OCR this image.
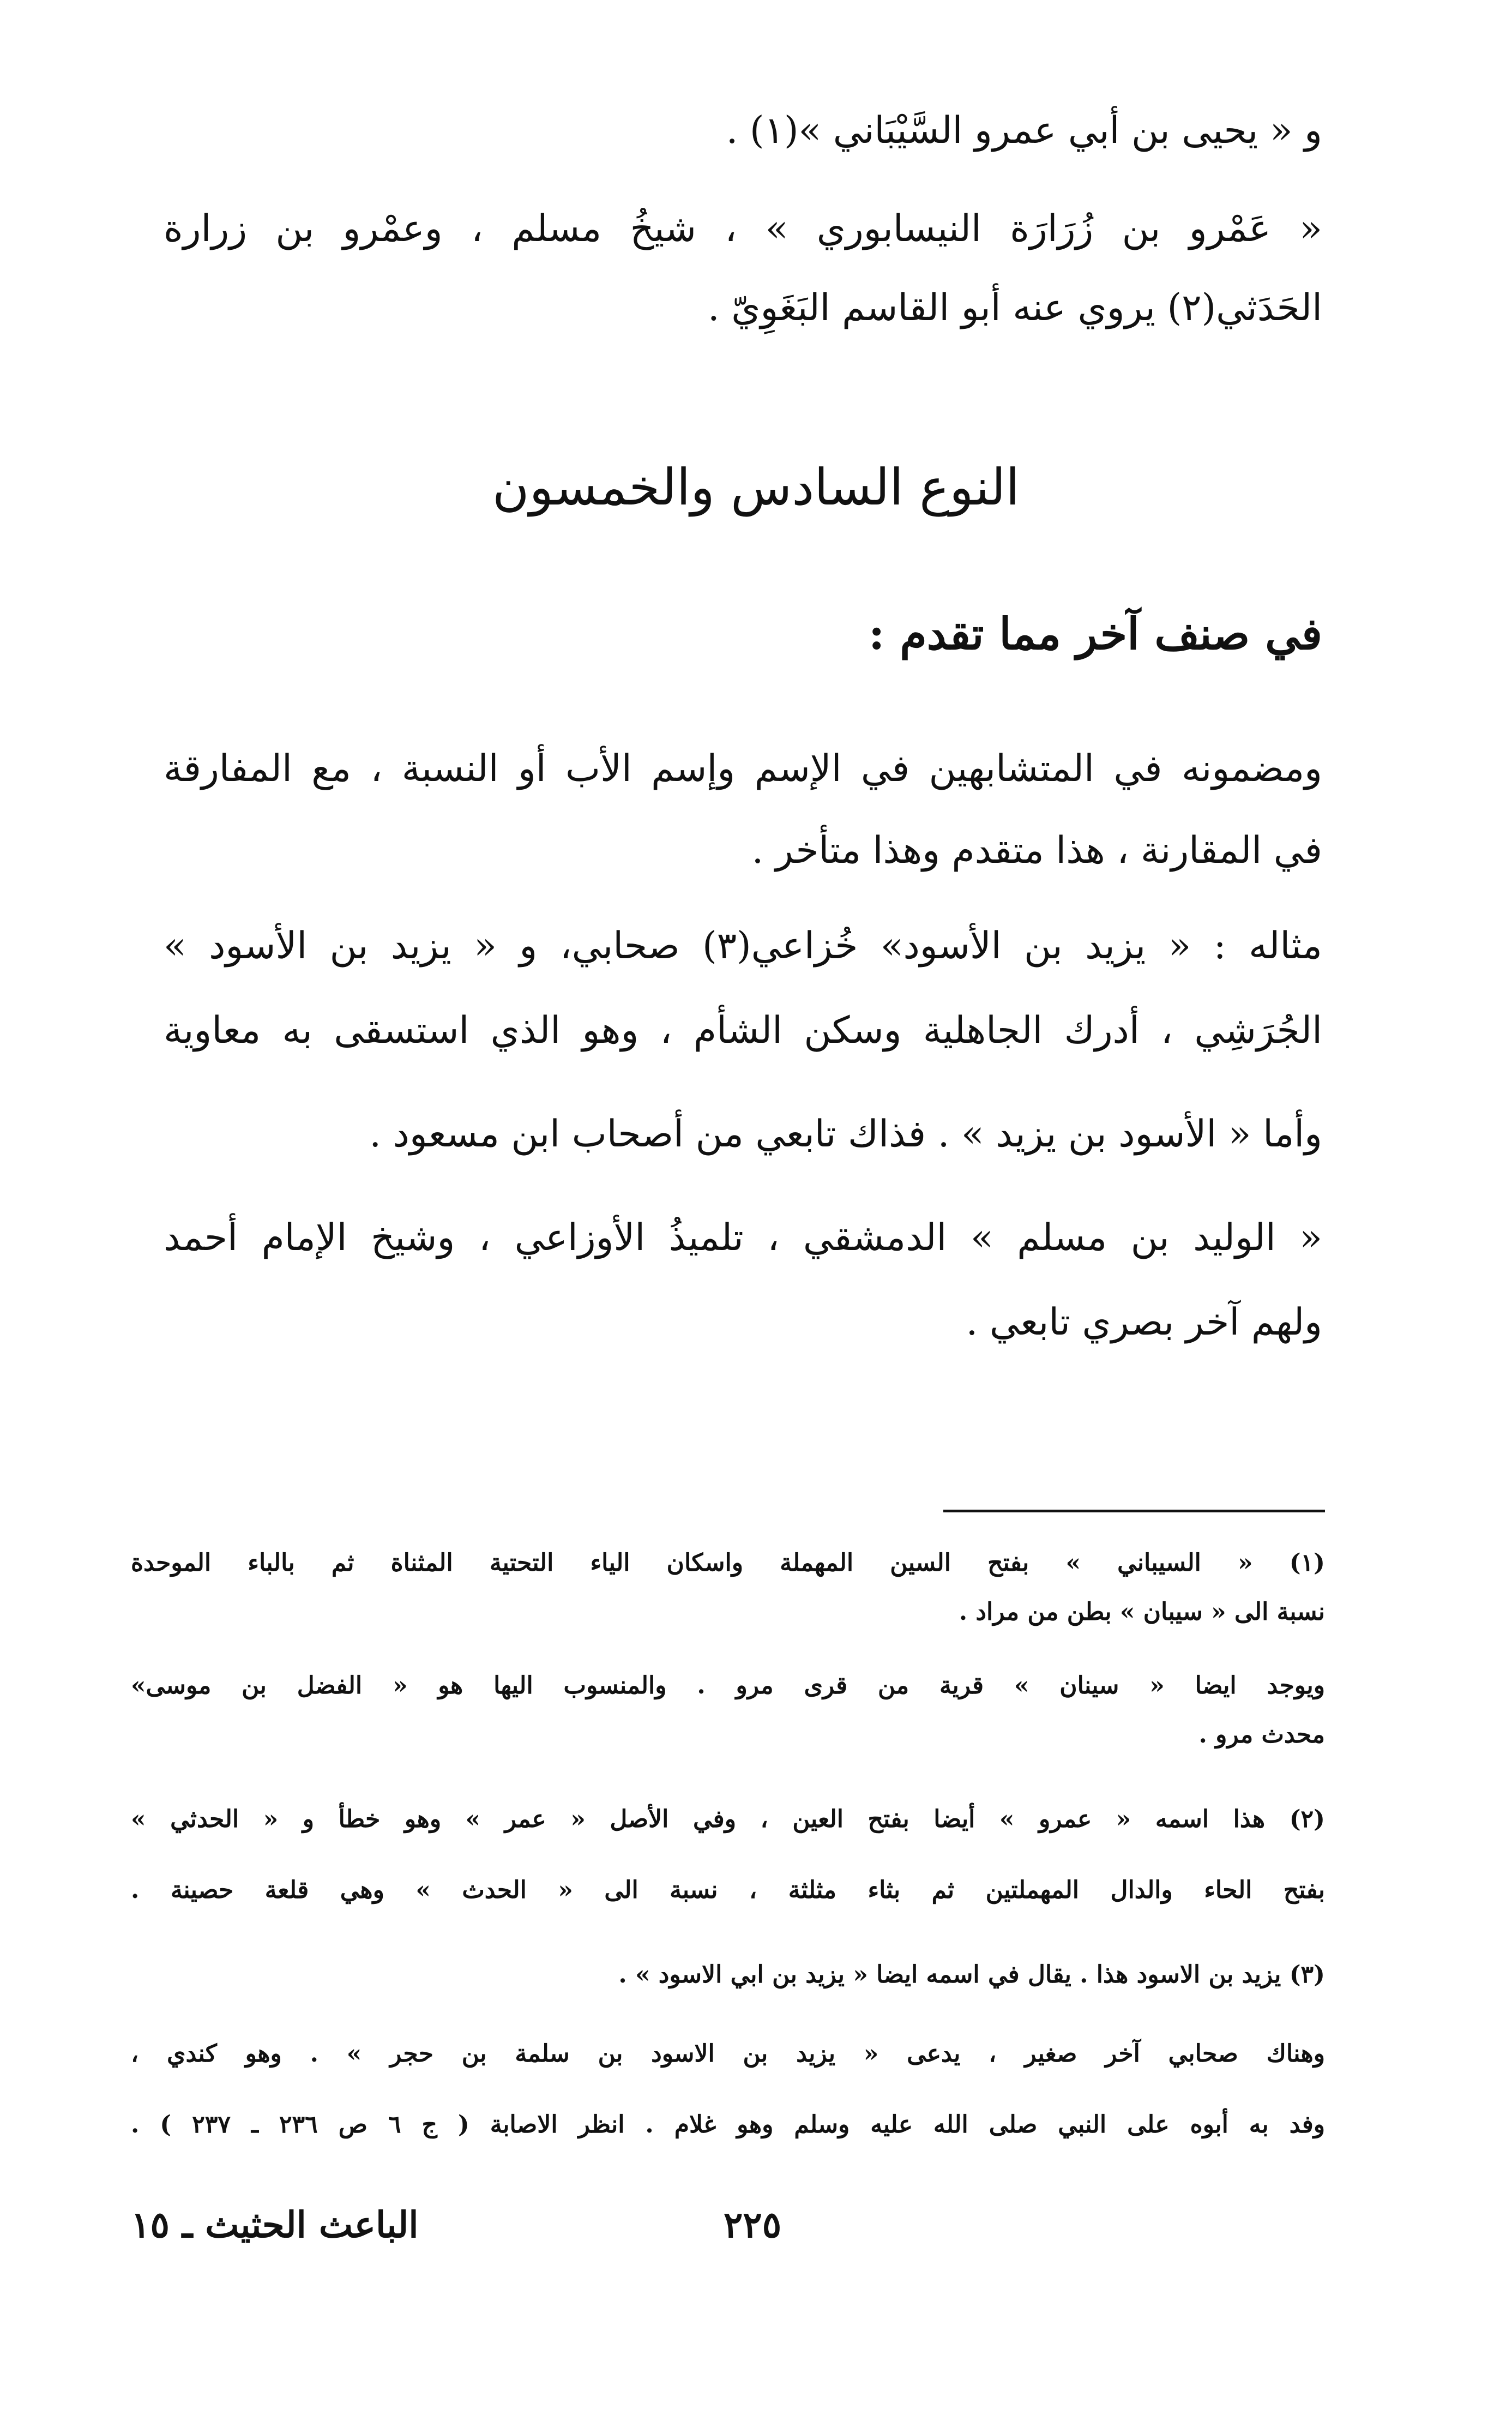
و « يحيى بن أبي عمرو السَّيْبَاني »(١) .
« عَمْرو بن زُرَارَة النيسابوري » ، شيخُ مسلم ، وعمْرو بن زرارة
الحَدَثي(٢) يروي عنه أبو القاسم البَغَوِيّ .
النوع السادس والخمسون
في صنف آخر مما تقدم :
ومضمونه في المتشابهين في الإسم وإسم الأب أو النسبة ، مع المفارقة
في المقارنة ، هذا متقدم وهذا متأخر .
مثاله : « يزيد بن الأسود» خُزاعي(٣) صحابي، و « يزيد بن الأسود »
الجُرَشِي ، أدرك الجاهلية وسكن الشأم ، وهو الذي استسقى به معاوية
وأما « الأسود بن يزيد » . فذاك تابعي من أصحاب ابن مسعود .
« الوليد بن مسلم » الدمشقي ، تلميذُ الأوزاعي ، وشيخ الإمام أحمد
ولهم آخر بصري تابعي .
(١) « السيباني » بفتح السين المهملة واسكان الياء التحتية المثناة ثم بالباء الموحدة
نسبة الى « سيبان » بطن من مراد .
ويوجد ايضا « سينان » قرية من قرى مرو . والمنسوب اليها هو « الفضل بن موسى»
محدث مرو .
(٢) هذا اسمه « عمرو » أيضا بفتح العين ، وفي الأصل « عمر » وهو خطأ و « الحدثي »
بفتح الحاء والدال المهملتين ثم بثاء مثلثة ، نسبة الى « الحدث » وهي قلعة حصينة .
(٣) يزيد بن الاسود هذا . يقال في اسمه ايضا « يزيد بن ابي الاسود » .
وهناك صحابي آخر صغير ، يدعى « يزيد بن الاسود بن سلمة بن حجر » . وهو كندي ،
وفد به أبوه على النبي صلى الله عليه وسلم وهو غلام . انظر الاصابة ( ج ٦ ص ٢٣٦ ـ ٢٣٧ ) .
٢٢٥
الباعث الحثيث ـ ١٥
